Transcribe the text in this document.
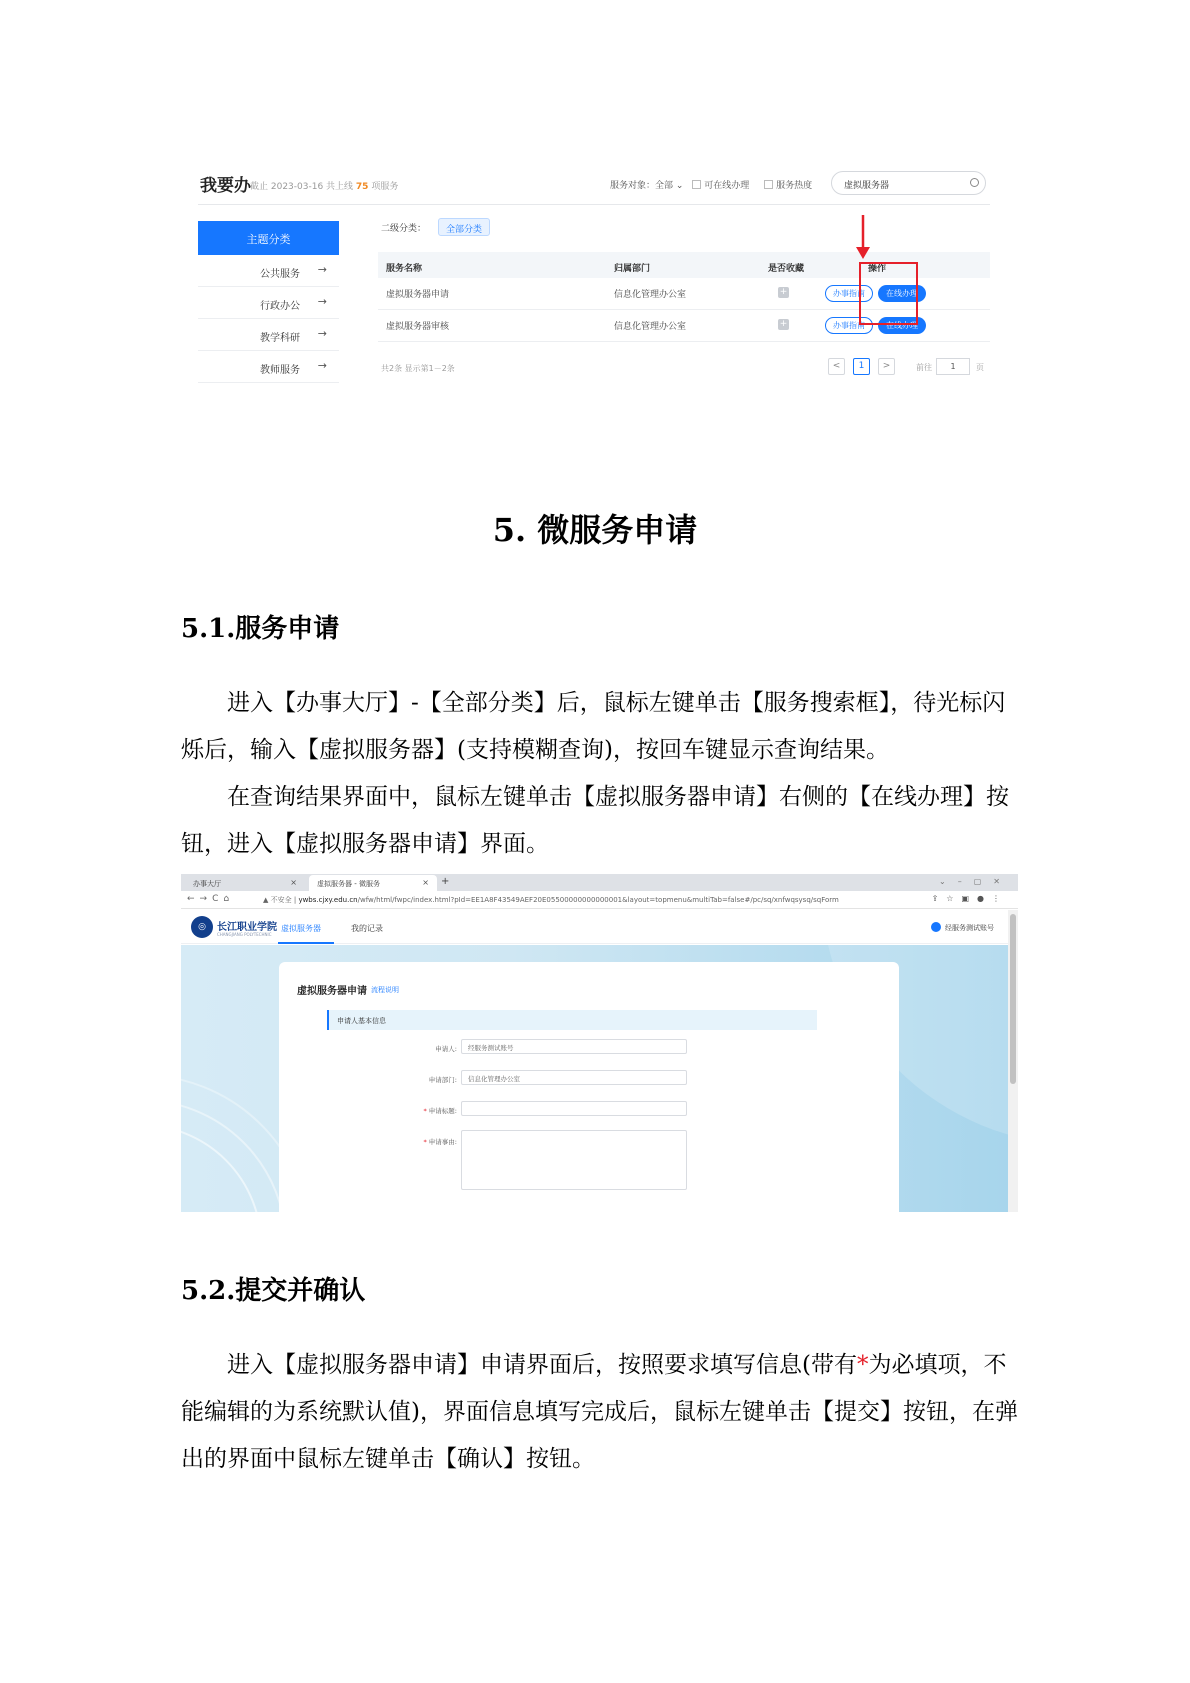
我要办 截止 2023-03-16 共上线 75 项服务	服务对象：全部 ⌄ 可在线办理	服务热度	虚拟服务器
主题分类
公共服务 →
行政办公 →
教学科研 →
教师服务 →
二级分类：	全部分类
服务名称	归属部门	是否收藏	操作
虚拟服务器申请	信息化管理办公室	+	办事指南	在线办理
虚拟服务器审核	信息化管理办公室	+	办事指南	在线办理
共2条 显示第1－2条	<	1	>	前往	1	页
5. 微服务申请
5.1.服务申请

进入【办事大厅】-【全部分类】后，鼠标左键单击【服务搜索框】，待光标闪烁后，输入【虚拟服务器】(支持模糊查询)，按回车键显示查询结果。

在查询结果界面中，鼠标左键单击【虚拟服务器申请】右侧的【在线办理】按钮，进入【虚拟服务器申请】界面。

办事大厅	×	虚拟服务器 - 微服务	× +	⌄–▢✕
←→C⌂	▲ 不安全 | ywbs.cjxy.edu.cn/wfw/html/fwpc/index.html?pId=EE1A8F43549AEF20E05500000000000001&layout=topmenu&multiTab=false#/pc/sq/xnfwqsysq/sqForm	⇪☆▣●⋮
◎	长江职业学院
CHANGJIANG POLYTECHNIC
虚拟服务器	我的记录	经服务测试账号
虚拟服务器申请 流程说明
申请人基本信息
申请人:	经服务测试账号
申请部门:	信息化管理办公室
* 申请标题:
* 申请事由:
5.2.提交并确认

进入【虚拟服务器申请】申请界面后，按照要求填写信息(带有*为必填项，不能编辑的为系统默认值)，界面信息填写完成后，鼠标左键单击【提交】按钮，在弹出的界面中鼠标左键单击【确认】按钮。
